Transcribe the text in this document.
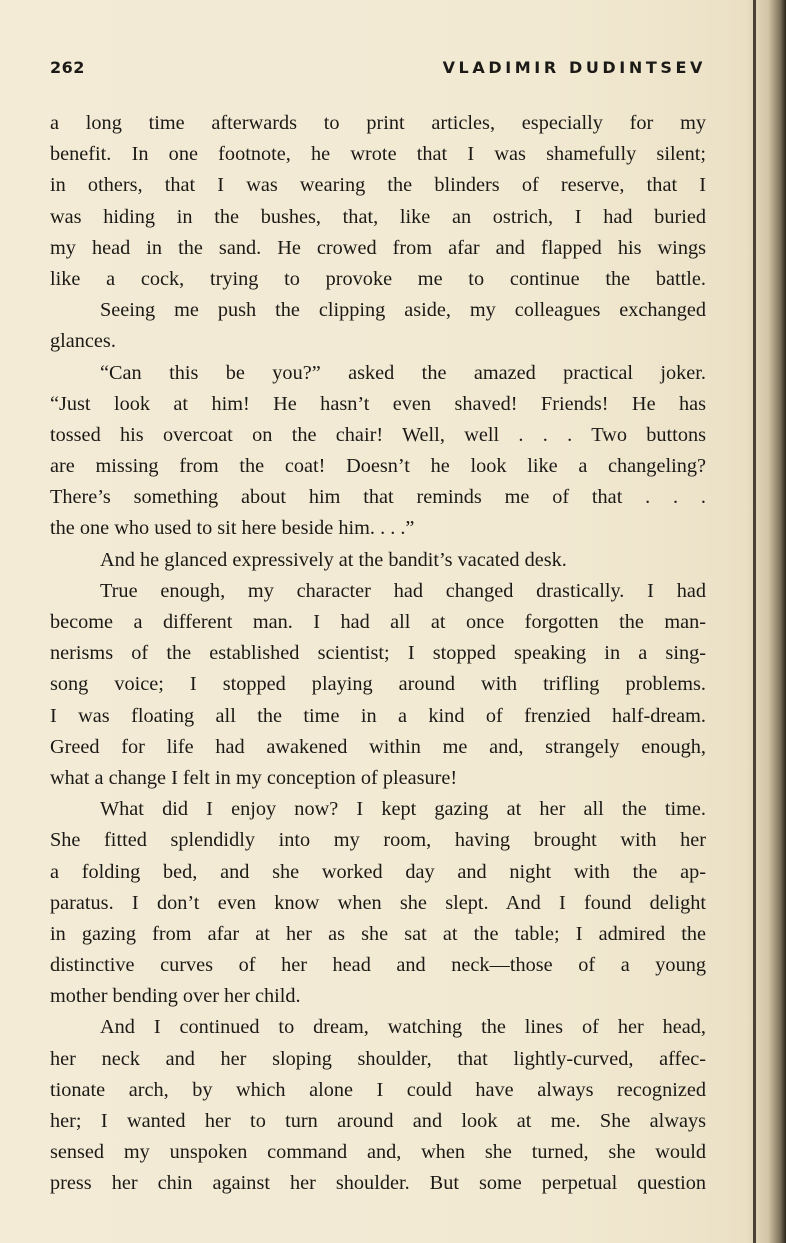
262	VLADIMIR DUDINTSEV
a long time afterwards to print articles, especially for my
benefit. In one footnote, he wrote that I was shamefully silent;
in others, that I was wearing the blinders of reserve, that I
was hiding in the bushes, that, like an ostrich, I had buried
my head in the sand. He crowed from afar and flapped his wings
like a cock, trying to provoke me to continue the battle.
Seeing me push the clipping aside, my colleagues exchanged
glances.
“Can this be you?” asked the amazed practical joker.
“Just look at him! He hasn’t even shaved! Friends! He has
tossed his overcoat on the chair! Well, well . . . Two buttons
are missing from the coat! Doesn’t he look like a changeling?
There’s something about him that reminds me of that . . .
the one who used to sit here beside him. . . .”
And he glanced expressively at the bandit’s vacated desk.
True enough, my character had changed drastically. I had
become a different man. I had all at once forgotten the man-
nerisms of the established scientist; I stopped speaking in a sing-
song voice; I stopped playing around with trifling problems.
I was floating all the time in a kind of frenzied half-dream.
Greed for life had awakened within me and, strangely enough,
what a change I felt in my conception of pleasure!
What did I enjoy now? I kept gazing at her all the time.
She fitted splendidly into my room, having brought with her
a folding bed, and she worked day and night with the ap-
paratus. I don’t even know when she slept. And I found delight
in gazing from afar at her as she sat at the table; I admired the
distinctive curves of her head and neck—those of a young
mother bending over her child.
And I continued to dream, watching the lines of her head,
her neck and her sloping shoulder, that lightly-curved, affec-
tionate arch, by which alone I could have always recognized
her; I wanted her to turn around and look at me. She always
sensed my unspoken command and, when she turned, she would
press her chin against her shoulder. But some perpetual question
